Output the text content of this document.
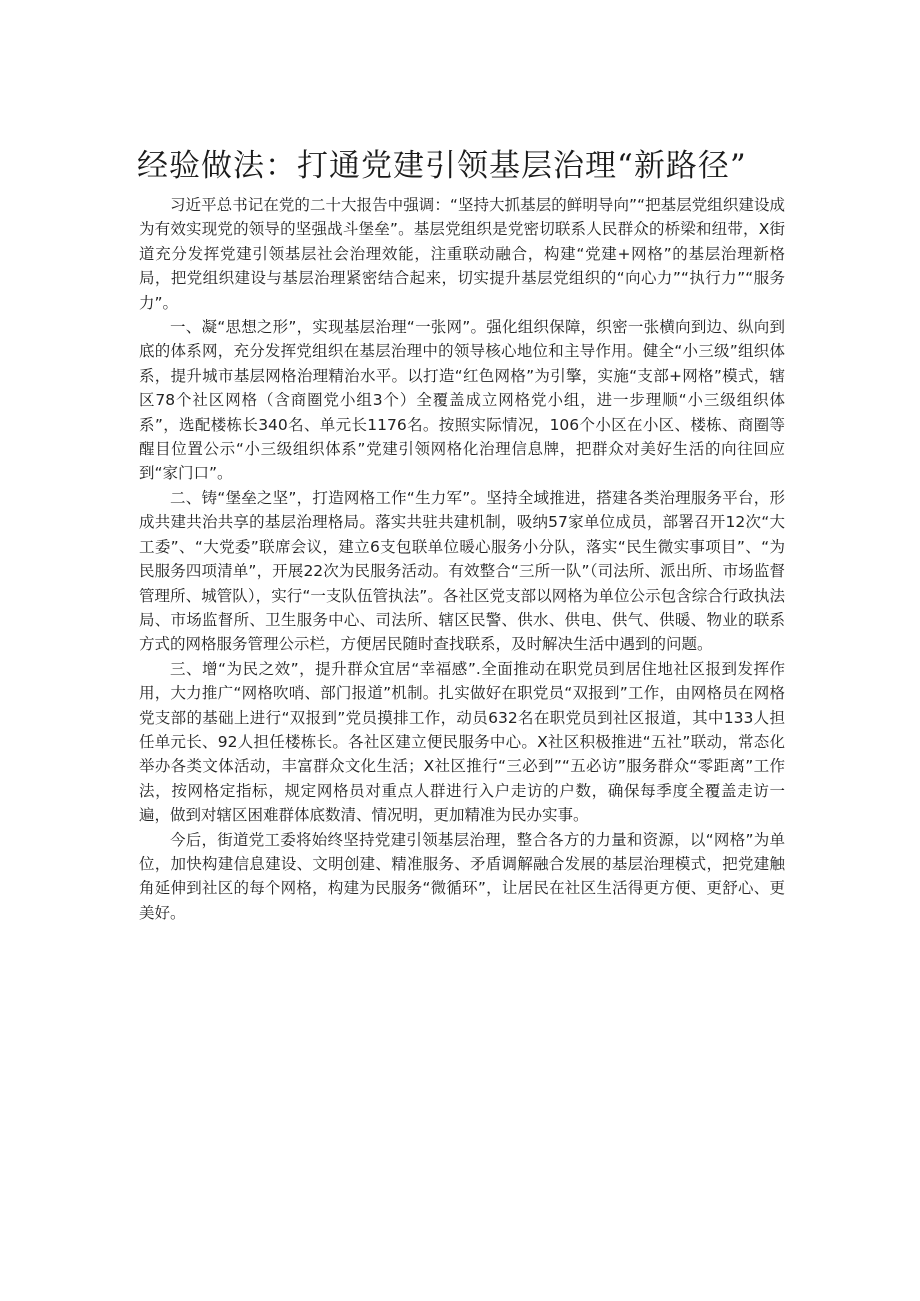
经验做法：打通党建引领基层治理“新路径”

习近平总书记在党的二十大报告中强调：“坚持大抓基层的鲜明导向”“把基层党组织建设成为有效实现党的领导的坚强战斗堡垒”。基层党组织是党密切联系人民群众的桥梁和纽带，X街道充分发挥党建引领基层社会治理效能，注重联动融合，构建“党建+网格”的基层治理新格局，把党组织建设与基层治理紧密结合起来，切实提升基层党组织的“向心力”“执行力”“服务力”。

一、凝“思想之形”，实现基层治理“一张网”。强化组织保障，织密一张横向到边、纵向到底的体系网，充分发挥党组织在基层治理中的领导核心地位和主导作用。健全“小三级”组织体系，提升城市基层网格治理精治水平。以打造“红色网格”为引擎，实施“支部+网格”模式，辖区78个社区网格（含商圈党小组3个）全覆盖成立网格党小组，进一步理顺“小三级组织体系”，选配楼栋长340名、单元长1176名。按照实际情况，106个小区在小区、楼栋、商圈等醒目位置公示“小三级组织体系”党建引领网格化治理信息牌，把群众对美好生活的向往回应到“家门口”。

二、铸“堡垒之坚”，打造网格工作“生力军”。坚持全域推进，搭建各类治理服务平台，形成共建共治共享的基层治理格局。落实共驻共建机制，吸纳57家单位成员，部署召开12次“大工委”、“大党委”联席会议，建立6支包联单位暖心服务小分队，落实“民生微实事项目”、“为民服务四项清单”，开展22次为民服务活动。有效整合“三所一队”（司法所、派出所、市场监督管理所、城管队），实行“一支队伍管执法”。各社区党支部以网格为单位公示包含综合行政执法局、市场监督所、卫生服务中心、司法所、辖区民警、供水、供电、供气、供暖、物业的联系方式的网格服务管理公示栏，方便居民随时查找联系，及时解决生活中遇到的问题。

三、增“为民之效”，提升群众宜居“幸福感”.全面推动在职党员到居住地社区报到发挥作用，大力推广“网格吹哨、部门报道”机制。扎实做好在职党员“双报到”工作，由网格员在网格党支部的基础上进行“双报到”党员摸排工作，动员632名在职党员到社区报道，其中133人担任单元长、92人担任楼栋长。各社区建立便民服务中心。X社区积极推进“五社”联动，常态化举办各类文体活动，丰富群众文化生活；X社区推行“三必到”“五必访”服务群众“零距离”工作法，按网格定指标，规定网格员对重点人群进行入户走访的户数，确保每季度全覆盖走访一遍，做到对辖区困难群体底数清、情况明，更加精准为民办实事。

今后，街道党工委将始终坚持党建引领基层治理，整合各方的力量和资源，以“网格”为单位，加快构建信息建设、文明创建、精准服务、矛盾调解融合发展的基层治理模式，把党建触角延伸到社区的每个网格，构建为民服务“微循环”，让居民在社区生活得更方便、更舒心、更美好。
